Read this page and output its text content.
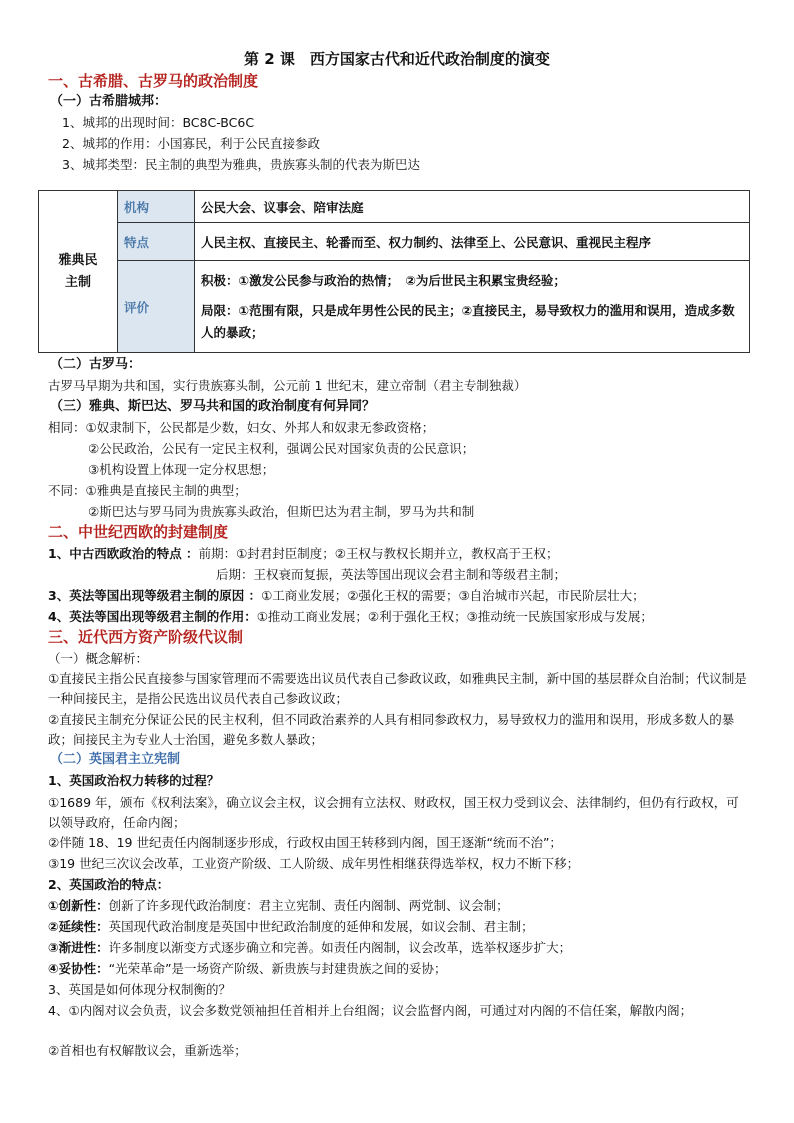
第 2 课　西方国家古代和近代政治制度的演变
一、古希腊、古罗马的政治制度
（一）古希腊城邦：
1、城邦的出现时间：BC8C-BC6C
2、城邦的作用：小国寡民，利于公民直接参政
3、城邦类型：民主制的典型为雅典，贵族寡头制的代表为斯巴达
雅典民主制	机构	公民大会、议事会、陪审法庭
	特点	人民主权、直接民主、轮番而至、权力制约、法律至上、公民意识、重视民主程序
	评价	积极：①激发公民参与政治的热情；　②为后世民主积累宝贵经验；
局限：①范围有限，只是成年男性公民的民主；②直接民主，易导致权力的滥用和误用，造成多数人的暴政；
（二）古罗马：
古罗马早期为共和国，实行贵族寡头制，公元前 1 世纪末，建立帝制（君主专制独裁）
（三）雅典、斯巴达、罗马共和国的政治制度有何异同？
相同：①奴隶制下，公民都是少数，妇女、外邦人和奴隶无参政资格；
②公民政治，公民有一定民主权利，强调公民对国家负责的公民意识；
③机构设置上体现一定分权思想；
不同：①雅典是直接民主制的典型；
②斯巴达与罗马同为贵族寡头政治，但斯巴达为君主制，罗马为共和制
二、中世纪西欧的封建制度
1、中古西欧政治的特点 ：前期：①封君封臣制度；②王权与教权长期并立，教权高于王权；
后期：王权衰而复振，英法等国出现议会君主制和等级君主制；
3、英法等国出现等级君主制的原因 ：①工商业发展；②强化王权的需要；③自治城市兴起，市民阶层壮大；
4、英法等国出现等级君主制的作用：①推动工商业发展；②利于强化王权；③推动统一民族国家形成与发展；
三、近代西方资产阶级代议制
（一）概念解析：
①直接民主指公民直接参与国家管理而不需要选出议员代表自己参政议政，如雅典民主制，新中国的基层群众自治制；代议制是一种间接民主，是指公民选出议员代表自己参政议政；
②直接民主制充分保证公民的民主权利，但不同政治素养的人具有相同参政权力，易导致权力的滥用和误用，形成多数人的暴政；间接民主为专业人士治国，避免多数人暴政；
（二）英国君主立宪制
1、英国政治权力转移的过程？
①1689 年，颁布《权利法案》，确立议会主权，议会拥有立法权、财政权，国王权力受到议会、法律制约，但仍有行政权，可以领导政府，任命内阁；
②伴随 18、19 世纪责任内阁制逐步形成，行政权由国王转移到内阁，国王逐渐“统而不治”；
③19 世纪三次议会改革，工业资产阶级、工人阶级、成年男性相继获得选举权，权力不断下移；
2、英国政治的特点：
①创新性：创新了许多现代政治制度：君主立宪制、责任内阁制、两党制、议会制；
②延续性：英国现代政治制度是英国中世纪政治制度的延伸和发展，如议会制、君主制；
③渐进性：许多制度以渐变方式逐步确立和完善。如责任内阁制，议会改革，选举权逐步扩大；
④妥协性：“光荣革命”是一场资产阶级、新贵族与封建贵族之间的妥协；
3、英国是如何体现分权制衡的？
4、①内阁对议会负责，议会多数党领袖担任首相并上台组阁；议会监督内阁，可通过对内阁的不信任案，解散内阁；
②首相也有权解散议会，重新选举；
